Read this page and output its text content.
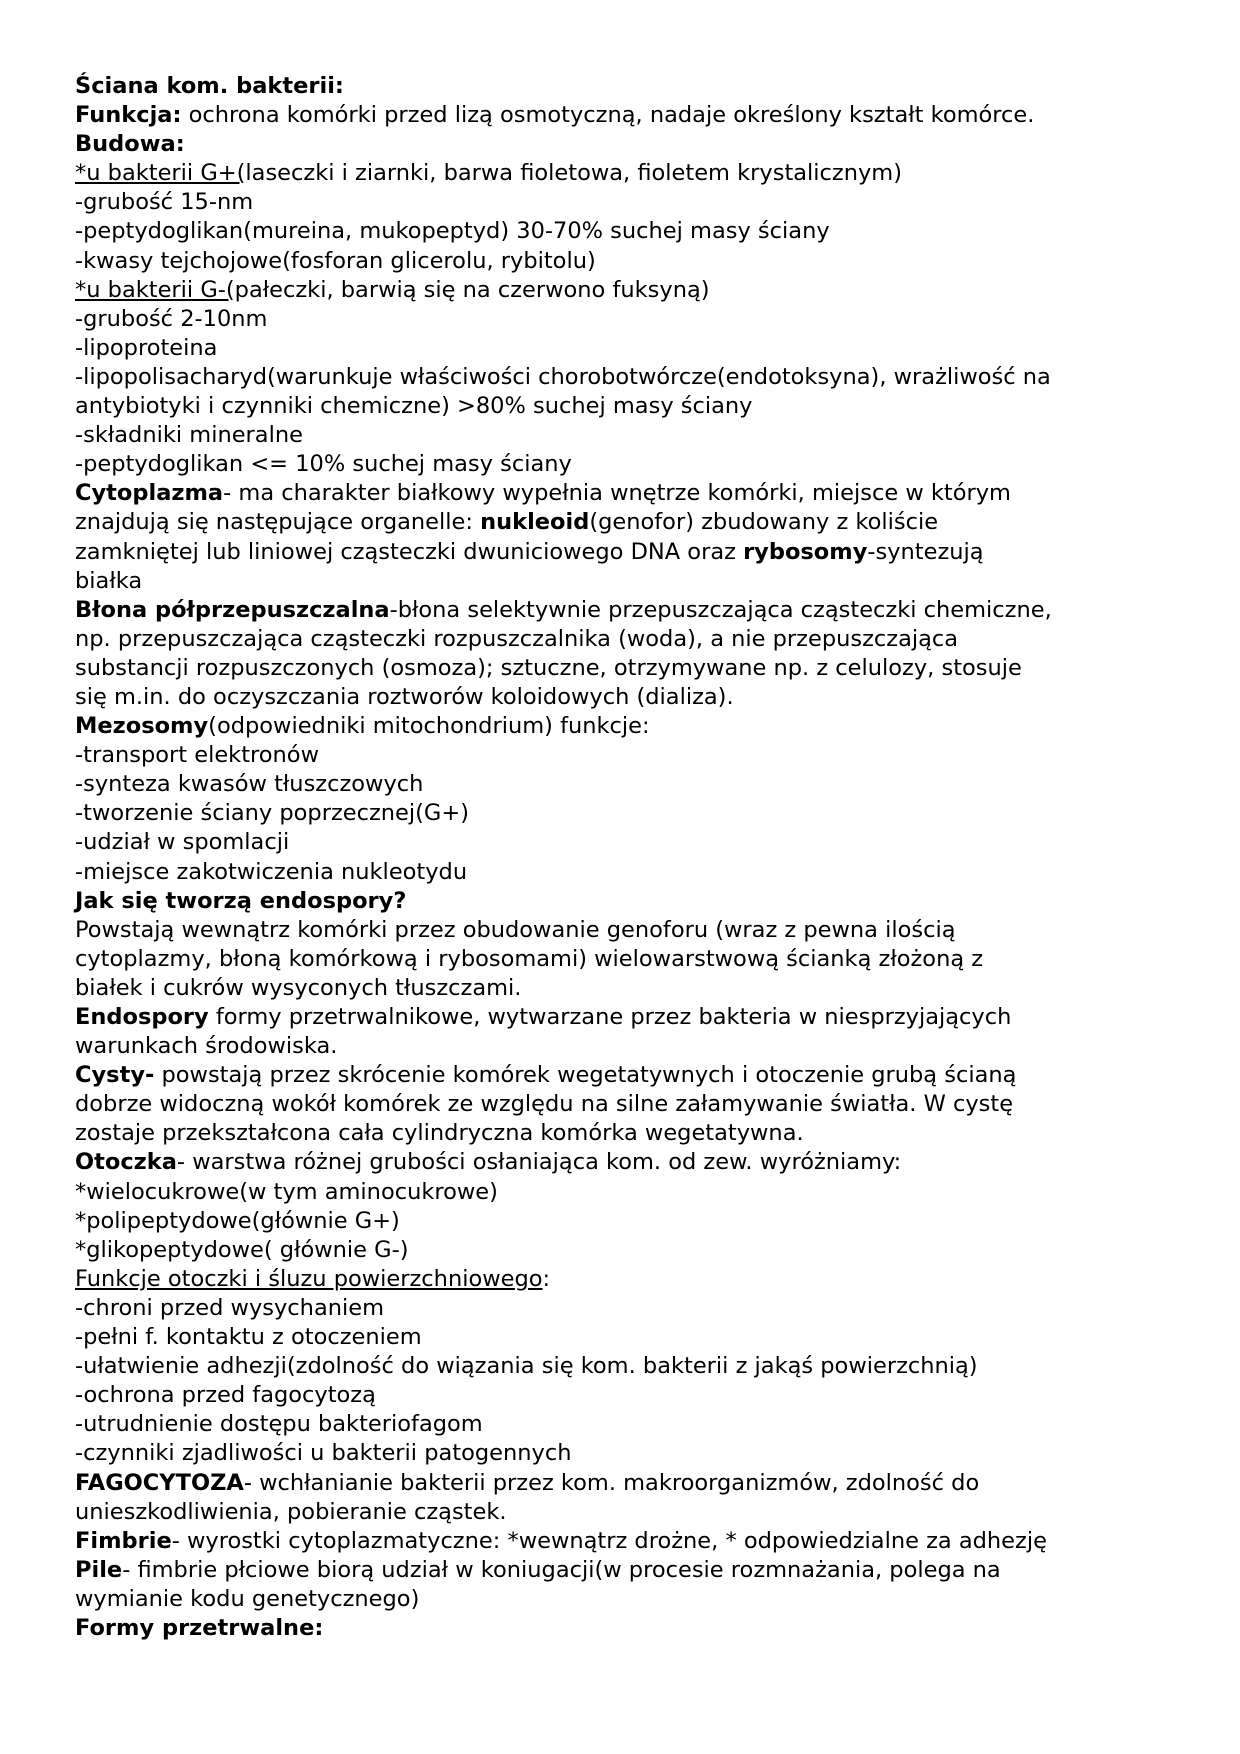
Ściana kom. bakterii:
Funkcja: ochrona komórki przed lizą osmotyczną, nadaje określony kształt komórce.
Budowa:
*u bakterii G+(laseczki i ziarnki, barwa fioletowa, fioletem krystalicznym)
-grubość 15-nm
-peptydoglikan(mureina, mukopeptyd) 30-70% suchej masy ściany
-kwasy tejchojowe(fosforan glicerolu, rybitolu)
*u bakterii G-(pałeczki, barwią się na czerwono fuksyną)
-grubość 2-10nm
-lipoproteina
-lipopolisacharyd(warunkuje właściwości chorobotwórcze(endotoksyna), wrażliwość na
antybiotyki i czynniki chemiczne) >80% suchej masy ściany
-składniki mineralne
-peptydoglikan <= 10% suchej masy ściany
Cytoplazma- ma charakter białkowy wypełnia wnętrze komórki, miejsce w którym
znajdują się następujące organelle: nukleoid(genofor) zbudowany z koliście
zamkniętej lub liniowej cząsteczki dwuniciowego DNA oraz rybosomy-syntezują
białka
Błona półprzepuszczalna-błona selektywnie przepuszczająca cząsteczki chemiczne,
np. przepuszczająca cząsteczki rozpuszczalnika (woda), a nie przepuszczająca
substancji rozpuszczonych (osmoza); sztuczne, otrzymywane np. z celulozy, stosuje
się m.in. do oczyszczania roztworów koloidowych (dializa).
Mezosomy(odpowiedniki mitochondrium) funkcje:
-transport elektronów
-synteza kwasów tłuszczowych
-tworzenie ściany poprzecznej(G+)
-udział w spomlacji
-miejsce zakotwiczenia nukleotydu
Jak się tworzą endospory?
Powstają wewnątrz komórki przez obudowanie genoforu (wraz z pewna ilością
cytoplazmy, błoną komórkową i rybosomami) wielowarstwową ścianką złożoną z
białek i cukrów wysyconych tłuszczami.
Endospory formy przetrwalnikowe, wytwarzane przez bakteria w niesprzyjających
warunkach środowiska.
Cysty- powstają przez skrócenie komórek wegetatywnych i otoczenie grubą ścianą
dobrze widoczną wokół komórek ze względu na silne załamywanie światła. W cystę
zostaje przekształcona cała cylindryczna komórka wegetatywna.
Otoczka- warstwa różnej grubości osłaniająca kom. od zew. wyróżniamy:
*wielocukrowe(w tym aminocukrowe)
*polipeptydowe(głównie G+)
*glikopeptydowe( głównie G-)
Funkcje otoczki i śluzu powierzchniowego:
-chroni przed wysychaniem
-pełni f. kontaktu z otoczeniem
-ułatwienie adhezji(zdolność do wiązania się kom. bakterii z jakąś powierzchnią)
-ochrona przed fagocytozą
-utrudnienie dostępu bakteriofagom
-czynniki zjadliwości u bakterii patogennych
FAGOCYTOZA- wchłanianie bakterii przez kom. makroorganizmów, zdolność do
unieszkodliwienia, pobieranie cząstek.
Fimbrie- wyrostki cytoplazmatyczne: *wewnątrz drożne, * odpowiedzialne za adhezję
Pile- fimbrie płciowe biorą udział w koniugacji(w procesie rozmnażania, polega na
wymianie kodu genetycznego)
Formy przetrwalne:
